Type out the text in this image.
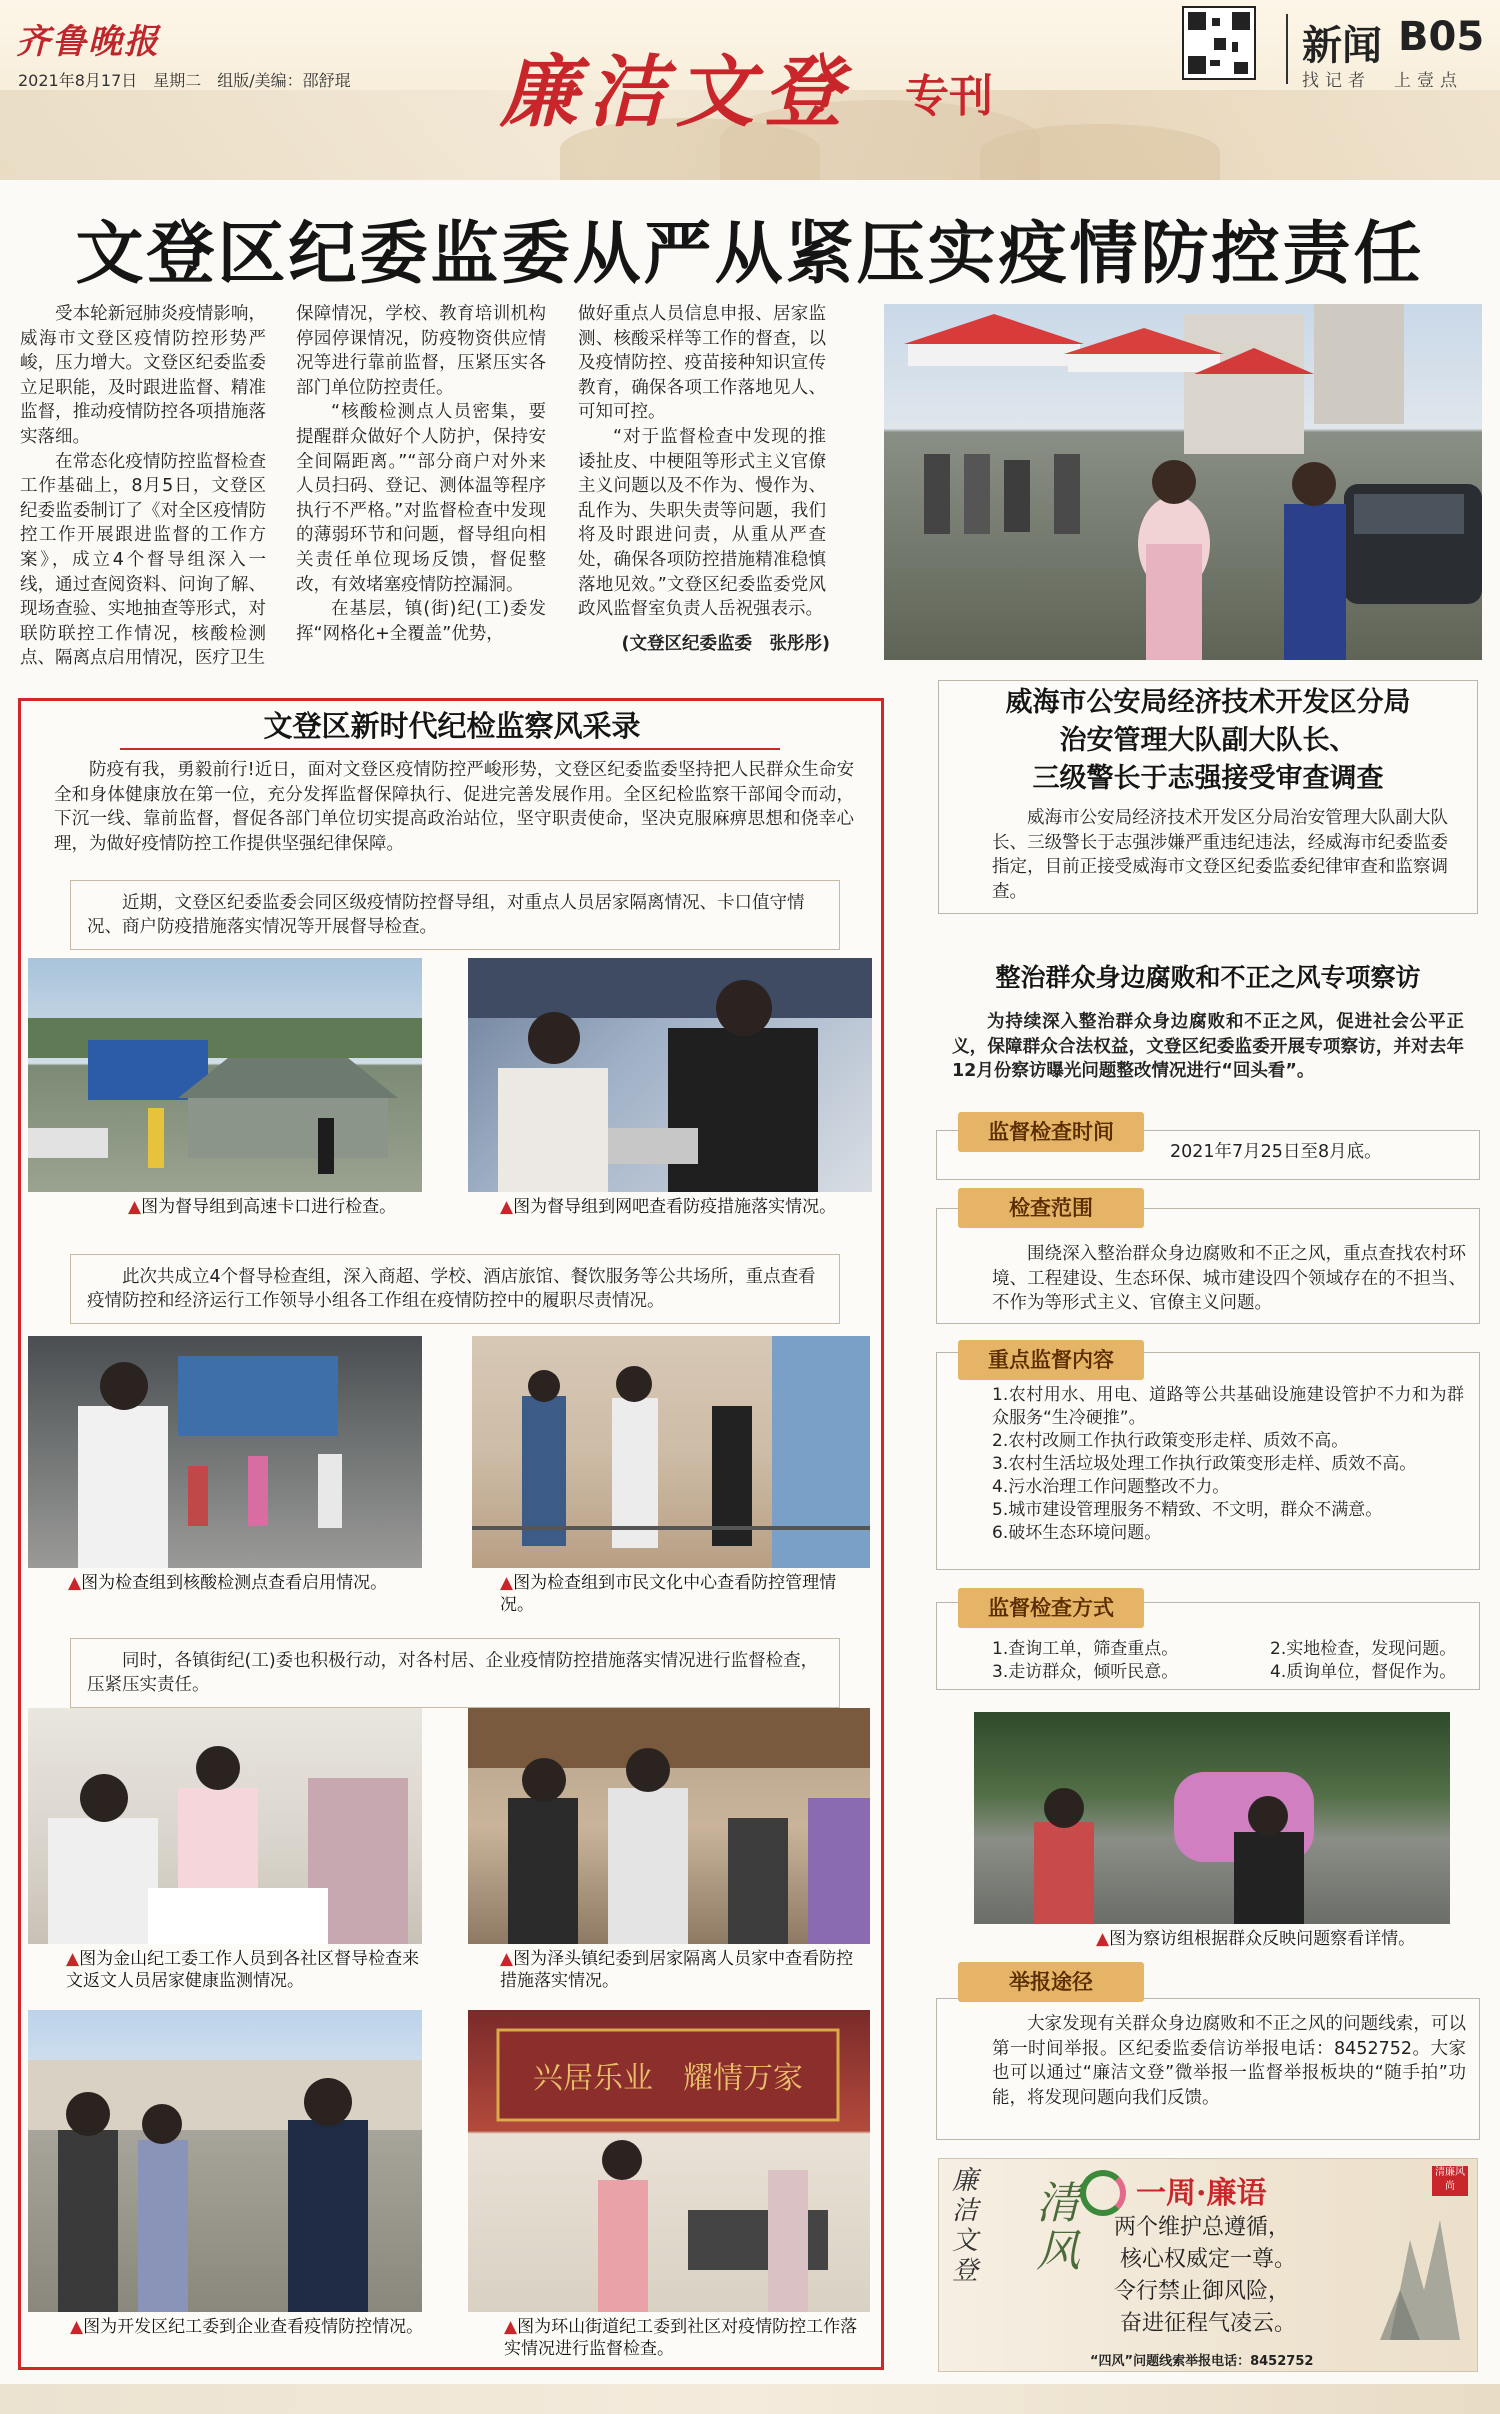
齐鲁晚报
2021年8月17日　星期二　组版/美编：邵舒琨 廉洁文登 专刊
新闻 B05
找记者　上壹点
文登区纪委监委从严从紧压实疫情防控责任

受本轮新冠肺炎疫情影响，威海市文登区疫情防控形势严峻，压力增大。文登区纪委监委立足职能，及时跟进监督、精准监督，推动疫情防控各项措施落实落细。

在常态化疫情防控监督检查工作基础上，8月5日，文登区纪委监委制订了《对全区疫情防控工作开展跟进监督的工作方案》，成立4个督导组深入一线，通过查阅资料、问询了解、现场查验、实地抽查等形式，对联防联控工作情况，核酸检测点、隔离点启用情况，医疗卫生

保障情况，学校、教育培训机构停园停课情况，防疫物资供应情况等进行靠前监督，压紧压实各部门单位防控责任。

“核酸检测点人员密集，要提醒群众做好个人防护，保持安全间隔距离。”“部分商户对外来人员扫码、登记、测体温等程序执行不严格。”对监督检查中发现的薄弱环节和问题，督导组向相关责任单位现场反馈，督促整改，有效堵塞疫情防控漏洞。

在基层，镇(街)纪(工)委发挥“网格化+全覆盖”优势，

做好重点人员信息申报、居家监测、核酸采样等工作的督查，以及疫情防控、疫苗接种知识宣传教育，确保各项工作落地见人、可知可控。

“对于监督检查中发现的推诿扯皮、中梗阻等形式主义官僚主义问题以及不作为、慢作为、乱作为、失职失责等问题，我们将及时跟进问责，从重从严查处，确保各项防控措施精准稳慎落地见效。”文登区纪委监委党风政风监督室负责人岳祝强表示。

(文登区纪委监委　张彤彤)
文登区新时代纪检监察风采录

防疫有我，勇毅前行!近日，面对文登区疫情防控严峻形势，文登区纪委监委坚持把人民群众生命安全和身体健康放在第一位，充分发挥监督保障执行、促进完善发展作用。全区纪检监察干部闻令而动，下沉一线、靠前监督，督促各部门单位切实提高政治站位，坚守职责使命，坚决克服麻痹思想和侥幸心理，为做好疫情防控工作提供坚强纪律保障。

近期，文登区纪委监委会同区级疫情防控督导组，对重点人员居家隔离情况、卡口值守情况、商户防疫措施落实情况等开展督导检查。
▲图为督导组到高速卡口进行检查。	▲图为督导组到网吧查看防疫措施落实情况。
此次共成立4个督导检查组，深入商超、学校、酒店旅馆、餐饮服务等公共场所，重点查看疫情防控和经济运行工作领导小组各工作组在疫情防控中的履职尽责情况。
▲图为检查组到核酸检测点查看启用情况。	▲图为检查组到市民文化中心查看防控管理情况。
同时，各镇街纪(工)委也积极行动，对各村居、企业疫情防控措施落实情况进行监督检查，压紧压实责任。
▲图为金山纪工委工作人员到各社区督导检查来文返文人员居家健康监测情况。
▲图为泽头镇纪委到居家隔离人员家中查看防控措施落实情况。
▲图为开发区纪工委到企业查看疫情防控情况。
兴居乐业　耀情万家
▲图为环山街道纪工委到社区对疫情防控工作落实情况进行监督检查。
威海市公安局经济技术开发区分局
治安管理大队副大队长、
三级警长于志强接受审查调查

威海市公安局经济技术开发区分局治安管理大队副大队长、三级警长于志强涉嫌严重违纪违法，经威海市纪委监委指定，目前正接受威海市文登区纪委监委纪律审查和监察调查。

整治群众身边腐败和不正之风专项察访

为持续深入整治群众身边腐败和不正之风，促进社会公平正义，保障群众合法权益，文登区纪委监委开展专项察访，并对去年12月份察访曝光问题整改情况进行“回头看”。

监督检查时间
2021年7月25日至8月底。
检查范围

围绕深入整治群众身边腐败和不正之风，重点查找农村环境、工程建设、生态环保、城市建设四个领域存在的不担当、不作为等形式主义、官僚主义问题。

重点监督内容
1.农村用水、用电、道路等公共基础设施建设管护不力和为群众服务“生冷硬推”。
2.农村改厕工作执行政策变形走样、质效不高。
3.农村生活垃圾处理工作执行政策变形走样、质效不高。
4.污水治理工作问题整改不力。
5.城市建设管理服务不精致、不文明，群众不满意。
6.破坏生态环境问题。
监督检查方式
1.查询工单，筛查重点。
3.走访群众，倾听民意。
2.实地检查，发现问题。
4.质询单位，督促作为。
▲图为察访组根据群众反映问题察看详情。
举报途径

大家发现有关群众身边腐败和不正之风的问题线索，可以第一时间举报。区纪委监委信访举报电话：8452752。大家也可以通过“廉洁文登”微举报一监督举报板块的“随手拍”功能，将发现问题向我们反馈。

廉洁文登
清风
一周·廉语
清廉风尚
两个维护总遵循，
核心权威定一尊。
令行禁止御风险，
奋进征程气凌云。
“四风”问题线索举报电话：8452752
